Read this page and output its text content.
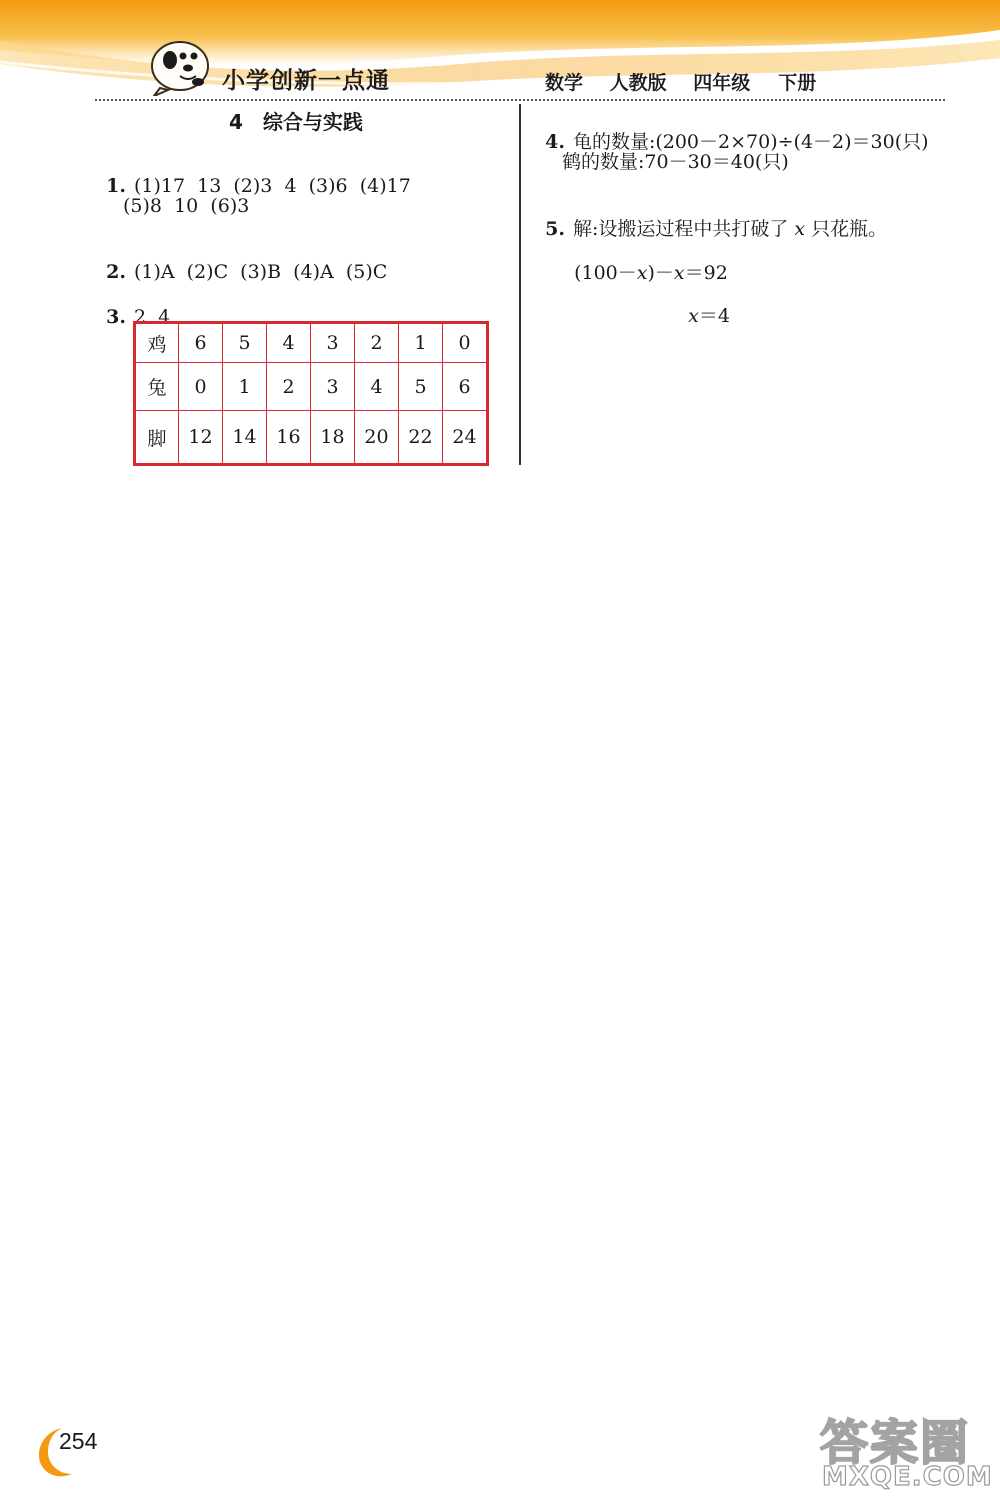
小学创新一点通	数学 人教版 四年级 下册
4 综合与实践

1. (1)17  13  (2)3  4  (3)6  (4)17

(5)8  10  (6)3

2. (1)A  (2)C  (3)B  (4)A  (5)C

3. 2  4

鸡	6	5	4	3	2	1	0
兔	0	1	2	3	4	5	6
脚	12	14	16	18	20	22	24

4. 龟的数量:(200－2×70)÷(4－2)＝30(只)

鹤的数量:70－30＝40(只)

5. 解:设搬运过程中共打破了 x 只花瓶。

(100－x)－x＝92

x＝4

254	答案圈
MXQE.COM
